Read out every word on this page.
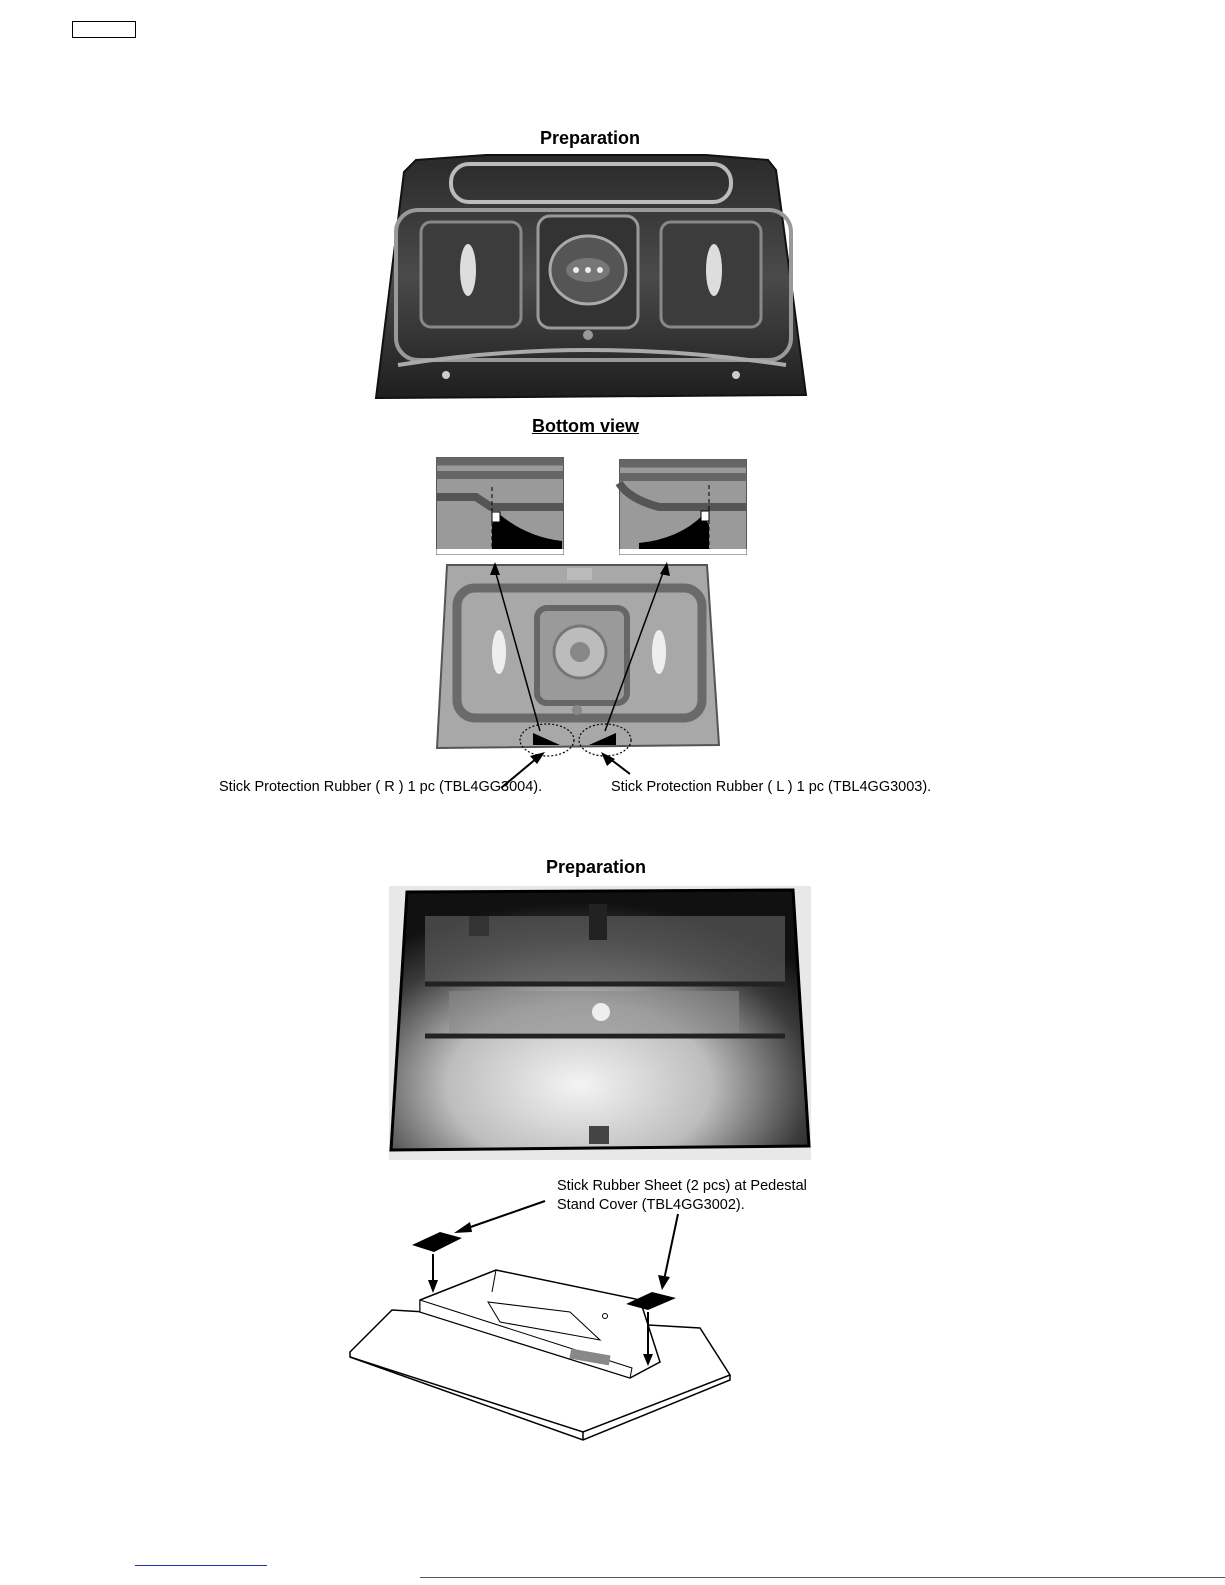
Preparation
Bottom view
Stick Protection Rubber ( R ) 1 pc (TBL4GG3004).	Stick Protection Rubber ( L ) 1 pc (TBL4GG3003).
Preparation
Stick Rubber Sheet (2 pcs) at Pedestal
Stand Cover (TBL4GG3002).
